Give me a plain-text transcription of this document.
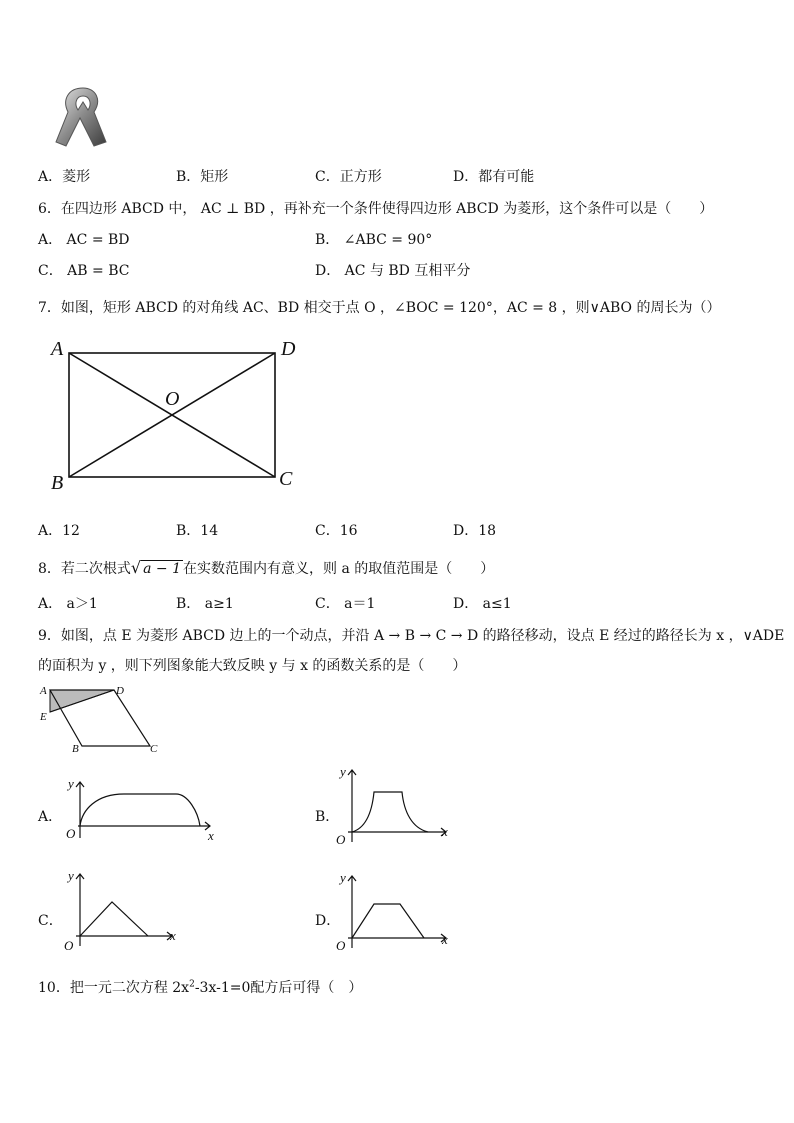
A．菱形	B．矩形	C．正方形	D．都有可能
6．在四边形 ABCD 中， AC ⊥ BD ，再补充一个条件使得四边形 ABCD 为菱形，这个条件可以是（　　）
A． AC = BD	B． ∠ABC = 90°
C． AB = BC	D． AC 与 BD 互相平分
7．如图，矩形 ABCD 的对角线 AC、BD 相交于点 O ，∠BOC = 120°，AC = 8 ，则∨ABO 的周长为（）
A	D
O
B	C
A．12	B．14	C．16	D．18
8．若二次根式√ a − 1 在实数范围内有意义，则 a 的取值范围是（　　）
A． a＞1	B． a≥1	C． a＝1	D． a≤1
9．如图，点 E 为菱形 ABCD 边上的一个动点，并沿 A → B → C → D 的路径移动，设点 E 经过的路径长为 x ，∨ADE
的面积为 y ，则下列图象能大致反映 y 与 x 的函数关系的是（　　）
A	D
E
B	C
A．
y
x
O
B．
y
x
O
C．
y
x
O
D．
y
x
O
10．把一元二次方程 $2x^2-3x-1=0$配方后可得（　）
